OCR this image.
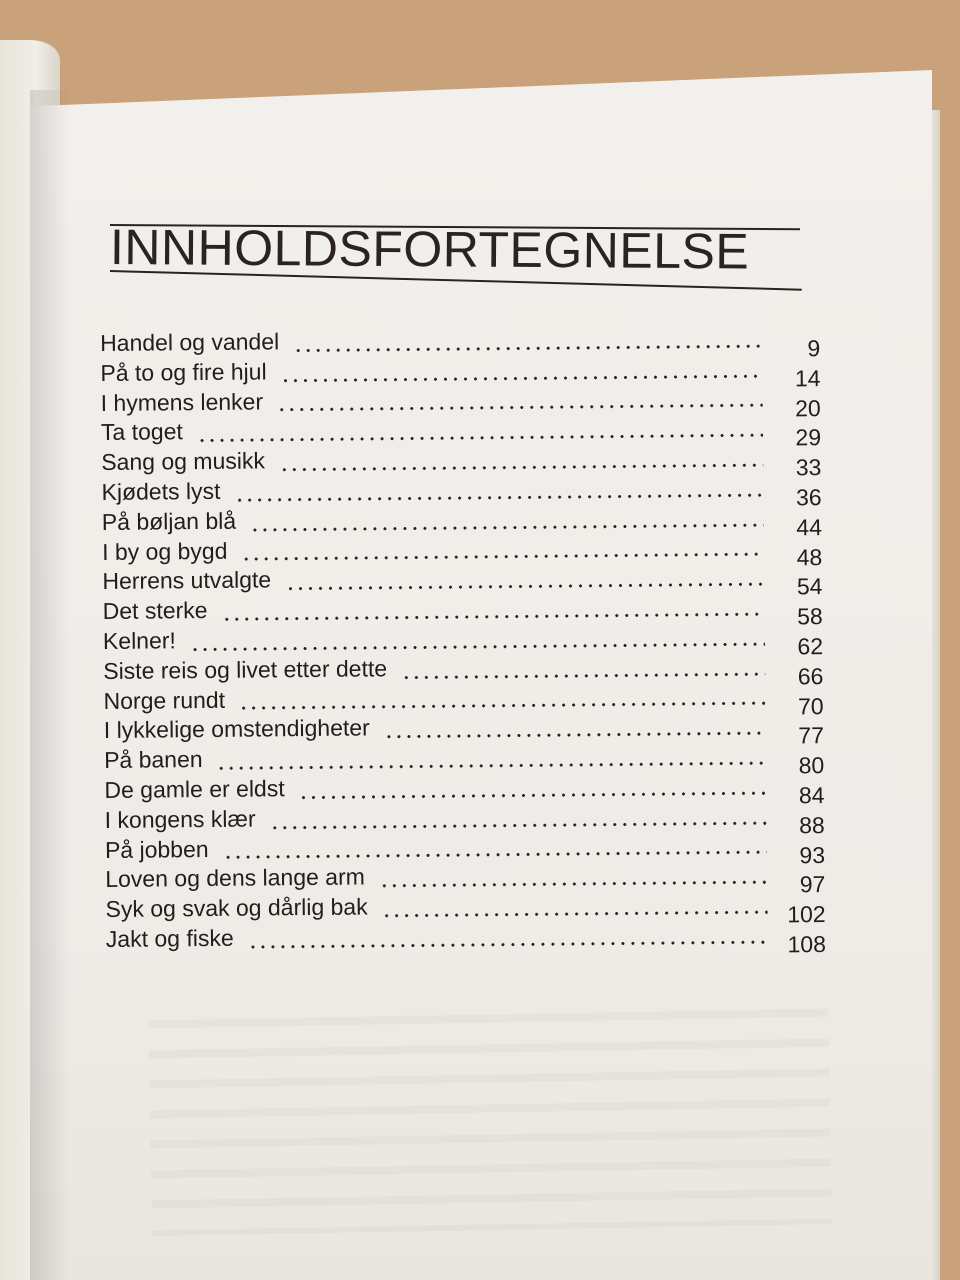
INNHOLDSFORTEGNELSE
Handel og vandel	9
På to og fire hjul	14
I hymens lenker	20
Ta toget	29
Sang og musikk	33
Kjødets lyst	36
På bøljan blå	44
I by og bygd	48
Herrens utvalgte	54
Det sterke	58
Kelner!	62
Siste reis og livet etter dette	66
Norge rundt	70
I lykkelige omstendigheter	77
På banen	80
De gamle er eldst	84
I kongens klær	88
På jobben	93
Loven og dens lange arm	97
Syk og svak og dårlig bak	102
Jakt og fiske	108
